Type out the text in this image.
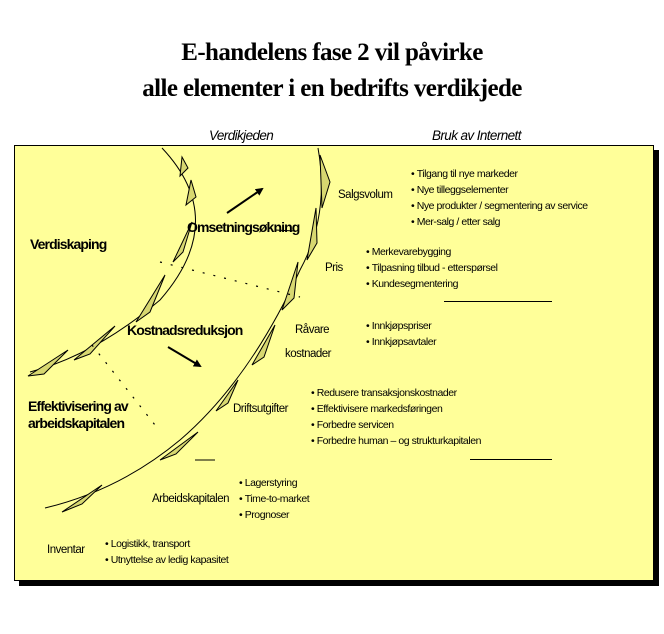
E-handelens fase 2 vil påvirke
alle elementer i en bedrifts verdikjede
Verdikjeden	Bruk av Internett
Verdiskaping
Omsetningsøkning
Kostnadsreduksjon
Effektivisering av
arbeidskapitalen
Salgsvolum
Pris
Råvare
kostnader
Driftsutgifter
Arbeidskapitalen
Inventar
• Tilgang til nye markeder
• Nye tilleggselementer
• Nye produkter / segmentering av service
• Mer-salg / etter salg
• Merkevarebygging
• Tilpasning tilbud - etterspørsel
• Kundesegmentering
• Innkjøpspriser
• Innkjøpsavtaler
• Redusere transaksjonskostnader
• Effektivisere markedsføringen
• Forbedre servicen
• Forbedre human – og strukturkapitalen
• Lagerstyring
• Time-to-market
• Prognoser
• Logistikk, transport
• Utnyttelse av ledig kapasitet
